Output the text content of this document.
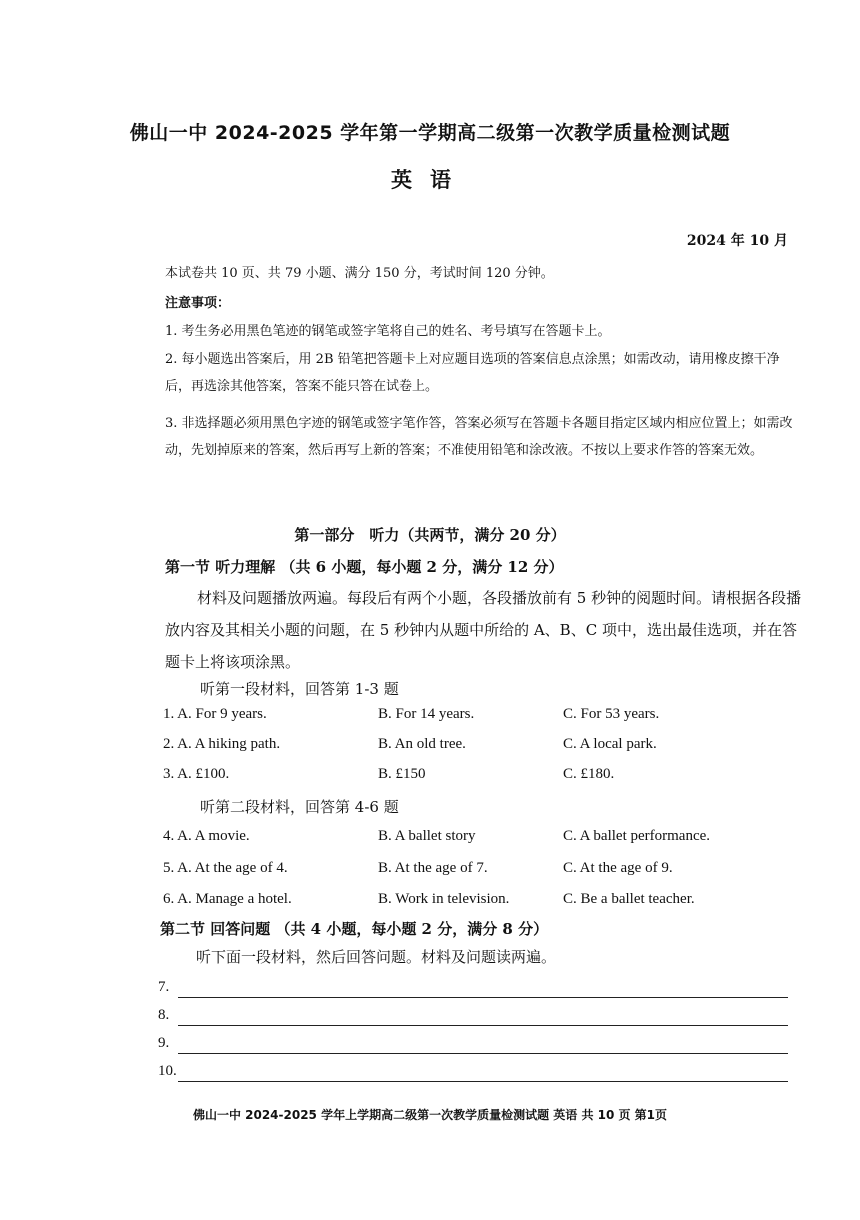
佛山一中 2024-2025 学年第一学期高二级第一次教学质量检测试题
英语
2024 年 10 月
本试卷共 10 页、共 79 小题、满分 150 分，考试时间 120 分钟。
注意事项：
1. 考生务必用黑色笔迹的钢笔或签字笔将自己的姓名、考号填写在答题卡上。
2. 每小题选出答案后，用 2B 铅笔把答题卡上对应题目选项的答案信息点涂黑；如需改动，请用橡皮擦干净后，再选涂其他答案，答案不能只答在试卷上。
3. 非选择题必须用黑色字迹的钢笔或签字笔作答，答案必须写在答题卡各题目指定区域内相应位置上；如需改动，先划掉原来的答案，然后再写上新的答案；不准使用铅笔和涂改液。不按以上要求作答的答案无效。
第一部分　听力（共两节，满分 20 分）
第一节 听力理解 （共 6 小题，每小题 2 分，满分 12 分）
材料及问题播放两遍。每段后有两个小题，各段播放前有 5 秒钟的阅题时间。请根据各段播放内容及其相关小题的问题，在 5 秒钟内从题中所给的 A、B、C 项中，选出最佳选项，并在答题卡上将该项涂黑。
听第一段材料，回答第 1-3 题
1. A. For 9 years.	B. For 14 years.	C. For 53 years.
2. A. A hiking path.	B. An old tree.	C. A local park.
3. A. £100.	B. £150	C. £180.
听第二段材料，回答第 4-6 题
4. A. A movie.	B. A ballet story	C. A ballet performance.
5. A. At the age of 4.	B. At the age of 7.	C. At the age of 9.
6. A. Manage a hotel.	B. Work in television.	C. Be a ballet teacher.
第二节 回答问题 （共 4 小题，每小题 2 分，满分 8 分）
听下面一段材料，然后回答问题。材料及问题读两遍。
7.
8.
9.
10.
佛山一中 2024-2025 学年上学期高二级第一次教学质量检测试题 英语 共 10 页 第1页
